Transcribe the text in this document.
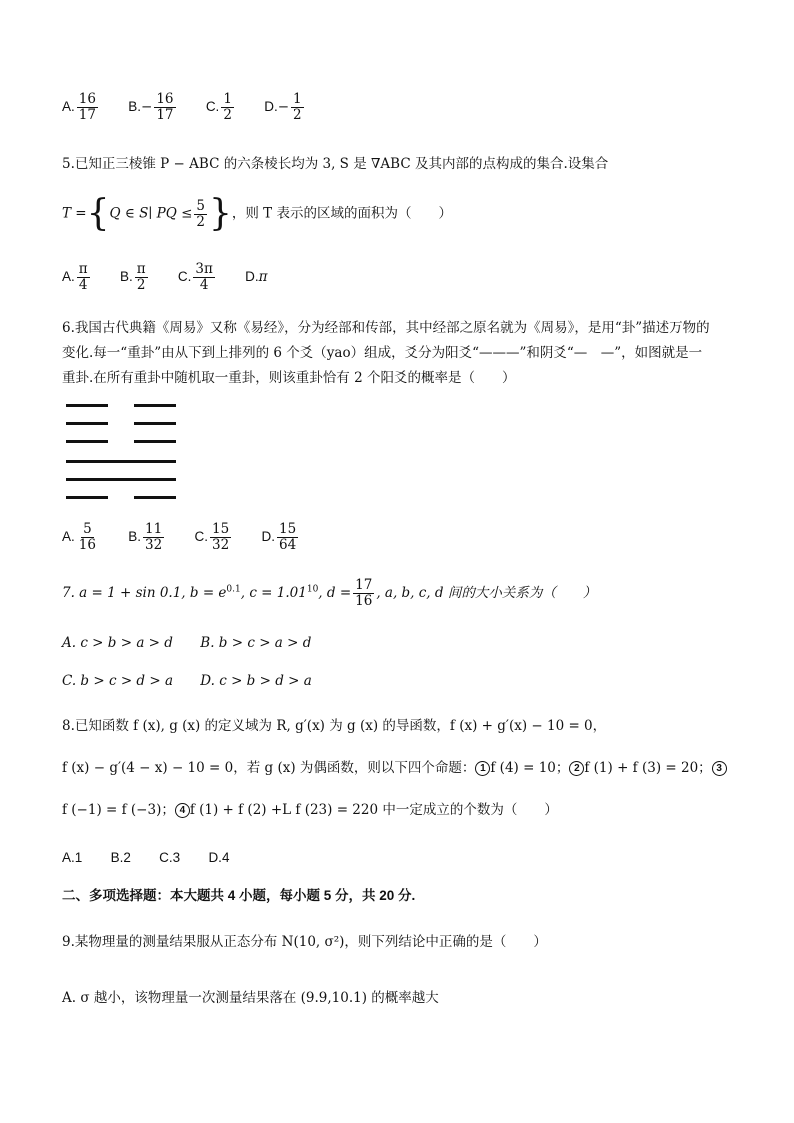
A. $\frac{16}{17} B.- \frac{16}{17} C$. $\frac{1}{2} D.- \frac{1}{2}$
5.已知正三棱锥 P − ABC 的六条棱长均为 3, S 是 ∇ABC 及其内部的点构成的集合.设集合
T ={Q ∈ S∣ PQ ≤ $\frac{5}{2}$ }，则 T 表示的区域的面积为（　　）
A. $\frac{\pi}{4} B$. $\frac{\pi}{2} C$. $\frac{3\pi}{4} D.\pi$
6.我国古代典籍《周易》又称《易经》，分为经部和传部，其中经部之原名就为《周易》，是用“卦”描述万物的
变化.每一“重卦”由从下到上排列的 6 个爻（yao）组成，爻分为阳爻“———”和阴爻“—　—”，如图就是一
重卦.在所有重卦中随机取一重卦，则该重卦恰有 2 个阳爻的概率是（　　）
A. $\frac{5}{16} B$. $\frac{11}{32} C$. $\frac{15}{32} D$. $\frac{15}{64}$
7. a = 1 + sin 0.1, $b = e^{0.1}$, $c = 1.01^{10}$, $d = \frac{17}{16}$ , a, b, c, d 间的大小关系为（　　）
A. c > b > a > d B. b > c > a > d
C. b > c > d > a D. c > b > d > a
8.已知函数 f (x), g (x) 的定义域为 R, g′(x) 为 g (x) 的导函数，f (x) + g′(x) − 10 = 0，
f (x) − g′(4 − x) − 10 = 0，若 g (x) 为偶函数，则以下四个命题： 1 f (4) = 10； 2 f (1) + f (3) = 20； 3
f (−1) = f (−3)； 4 f (1) + f (2) +L f (23) = 220 中一定成立的个数为（　　）
A.1 B.2 C.3 D.4
二、多项选择题：本大题共 4 小题，每小题 5 分，共 20 分.
9.某物理量的测量结果服从正态分布 N(10, σ²)，则下列结论中正确的是（　　）
A. σ 越小，该物理量一次测量结果落在 (9.9,10.1) 的概率越大
